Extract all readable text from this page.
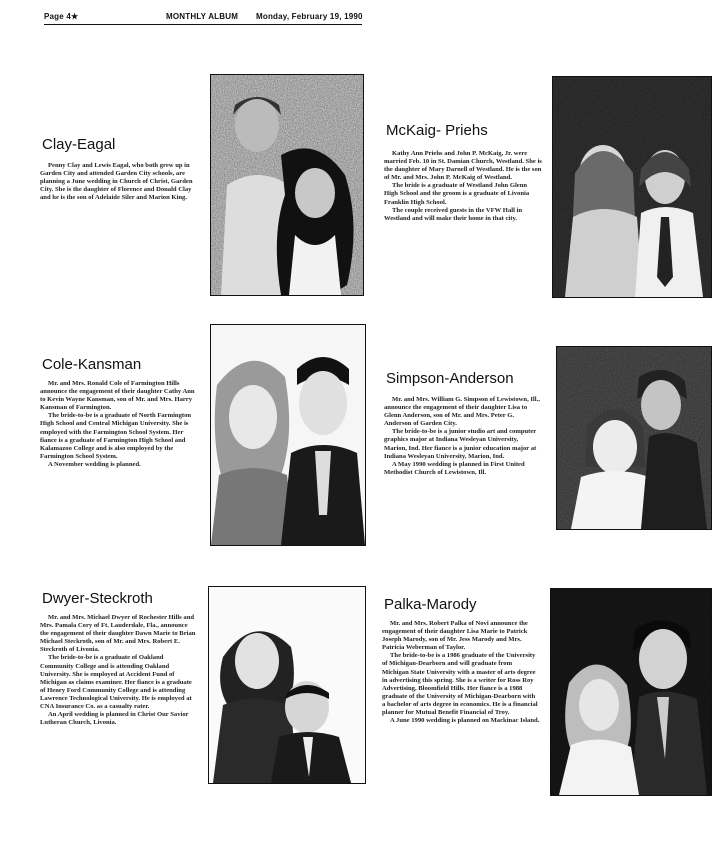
Page 4★	MONTHLY ALBUM Monday, February 19, 1990
Clay-Eagal

Penny Clay and Lewis Eagal, who both grew up in Garden City and attended Garden City schools, are planning a June wedding in Church of Christ, Garden City. She is the daughter of Florence and Donald Clay and he is the son of Adelaide Siler and Marion King.

McKaig- Priehs

Kathy Ann Priehs and John P. McKaig, Jr. were married Feb. 10 in St. Damian Church, Westland. She is the daughter of Mary Darnell of Westland. He is the son of Mr. and Mrs. John P. McKaig of Westland.

The bride is a graduate of Westland John Glenn High School and the groom is a graduate of Livonia Franklin High School.

The couple received guests in the VFW Hall in Westland and will make their home in that city.

Cole-Kansman

Mr. and Mrs. Ronald Cole of Farmington Hills announce the engagement of their daughter Cathy Ann to Kevin Wayne Kansman, son of Mr. and Mrs. Harry Kansman of Farmington.

The bride-to-be is a graduate of North Farmington High School and Central Michigan University. She is employed with the Farmington School System. Her fiance is a graduate of Farmington High School and Kalamazoo College and is also employed by the Farmington School System.

A November wedding is planned.

Simpson-Anderson

Mr. and Mrs. William G. Simpson of Lewistown, Ill., announce the engagement of their daughter Lisa to Glenn Anderson, son of Mr. and Mrs. Peter G. Anderson of Garden City.

The bride-to-be is a junior studio art and computer graphics major at Indiana Wesleyan University, Marion, Ind. Her fiance is a junior education major at Indiana Wesleyan University, Marion, Ind.

A May 1990 wedding is planned in First United Methodist Church of Lewistown, Ill.

Dwyer-Steckroth

Mr. and Mrs. Michael Dwyer of Rochester Hills and Mrs. Pamala Cory of Ft. Lauderdale, Fla., announce the engagement of their daughter Dawn Marie to Brian Michael Steckroth, son of Mr. and Mrs. Robert E. Steckroth of Livonia.

The bride-to-be is a graduate of Oakland Community College and is attending Oakland University. She is employed at Accident Fund of Michigan as claims examiner. Her fiance is a graduate of Henry Ford Community College and is attending Lawrence Technological University. He is employed at CNA Insurance Co. as a casualty rater.

An April wedding is planned in Christ Our Savior Lutheran Church, Livonia.

Palka-Marody

Mr. and Mrs. Robert Palka of Novi announce the engagement of their daughter Lisa Marie to Patrick Joseph Marody, son of Mr. Jess Marody and Mrs. Patricia Weberman of Taylor.

The bride-to-be is a 1986 graduate of the University of Michigan-Dearborn and will graduate from Michigan State University with a master of arts degree in advertising this spring. She is a writer for Ross Roy Advertising, Bloomfield Hills. Her fiance is a 1988 graduate of the University of Michigan-Dearborn with a bachelor of arts degree in economics. He is a financial planner for Mutual Benefit Financial of Troy.

A June 1990 wedding is planned on Mackinac Island.
